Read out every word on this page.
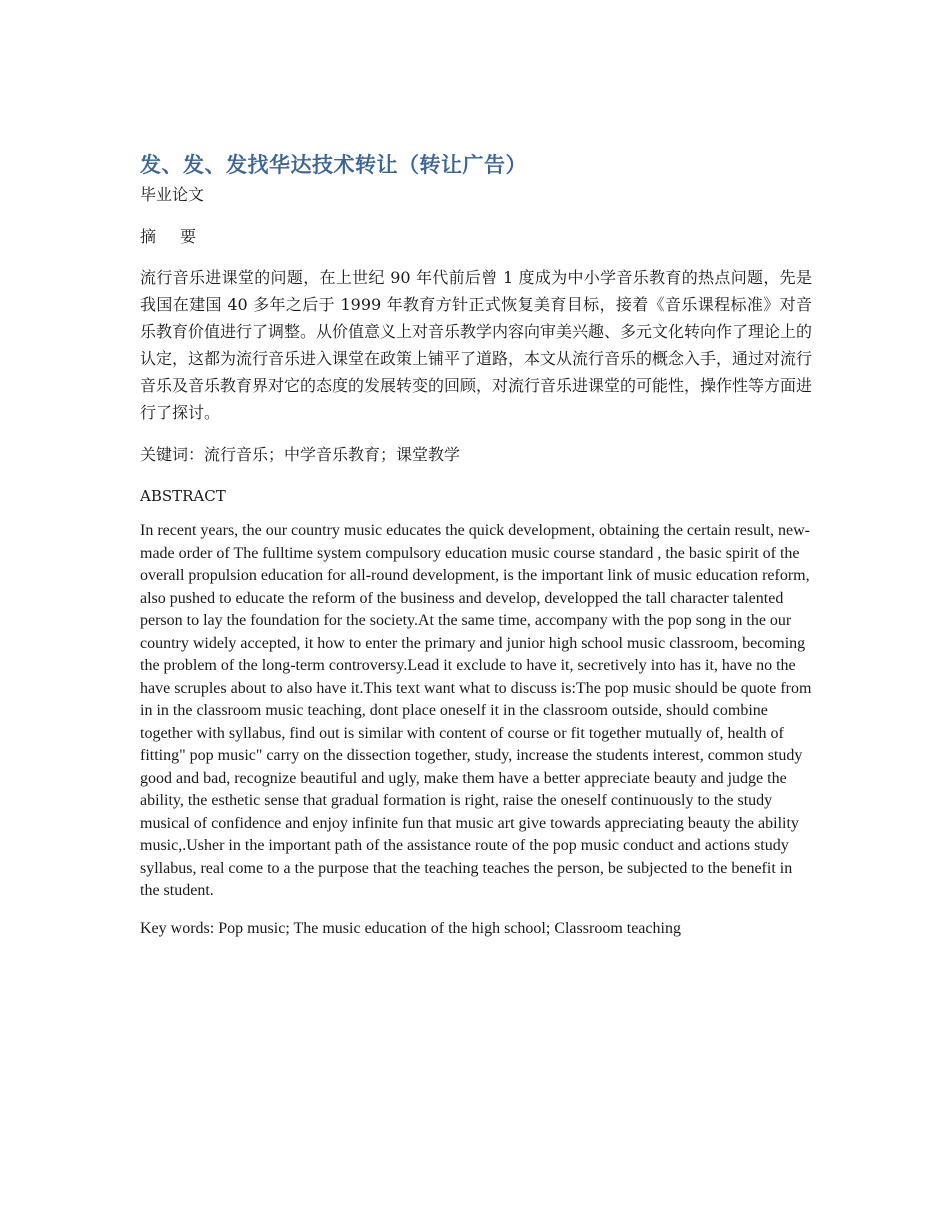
发、发、发找华达技术转让（转让广告）

毕业论文

摘　要

流行音乐进课堂的问题，在上世纪 90 年代前后曾 1 度成为中小学音乐教育的热点问题，先是我国在建国 40 多年之后于 1999 年教育方针正式恢复美育目标，接着《音乐课程标准》对音乐教育价值进行了调整。从价值意义上对音乐教学内容向审美兴趣、多元文化转向作了理论上的认定，这都为流行音乐进入课堂在政策上铺平了道路，本文从流行音乐的概念入手，通过对流行音乐及音乐教育界对它的态度的发展转变的回顾，对流行音乐进课堂的可能性，操作性等方面进行了探讨。

关键词：流行音乐；中学音乐教育；课堂教学

ABSTRACT

In recent years, the our country music educates the quick development, obtaining the certain result, new-made order of The fulltime system compulsory education music course standard , the basic spirit of the overall propulsion education for all-round development, is the important link of music education reform, also pushed to educate the reform of the business and develop, developped the tall character talented person to lay the foundation for the society.At the same time, accompany with the pop song in the our country widely accepted, it how to enter the primary and junior high school music classroom, becoming the problem of the long-term controversy.Lead it exclude to have it, secretively into has it, have no the have scruples about to also have it.This text want what to discuss is:The pop music should be quote from in in the classroom music teaching, dont place oneself it in the classroom outside, should combine together with syllabus, find out is similar with content of course or fit together mutually of, health of fitting" pop music" carry on the dissection together, study, increase the students interest, common study good and bad, recognize beautiful and ugly, make them have a better appreciate beauty and judge the ability, the esthetic sense that gradual formation is right, raise the oneself continuously to the study musical of confidence and enjoy infinite fun that music art give towards appreciating beauty the ability music,.Usher in the important path of the assistance route of the pop music conduct and actions study syllabus, real come to a the purpose that the teaching teaches the person, be subjected to the benefit in the student.

Key words: Pop music; The music education of the high school; Classroom teaching
